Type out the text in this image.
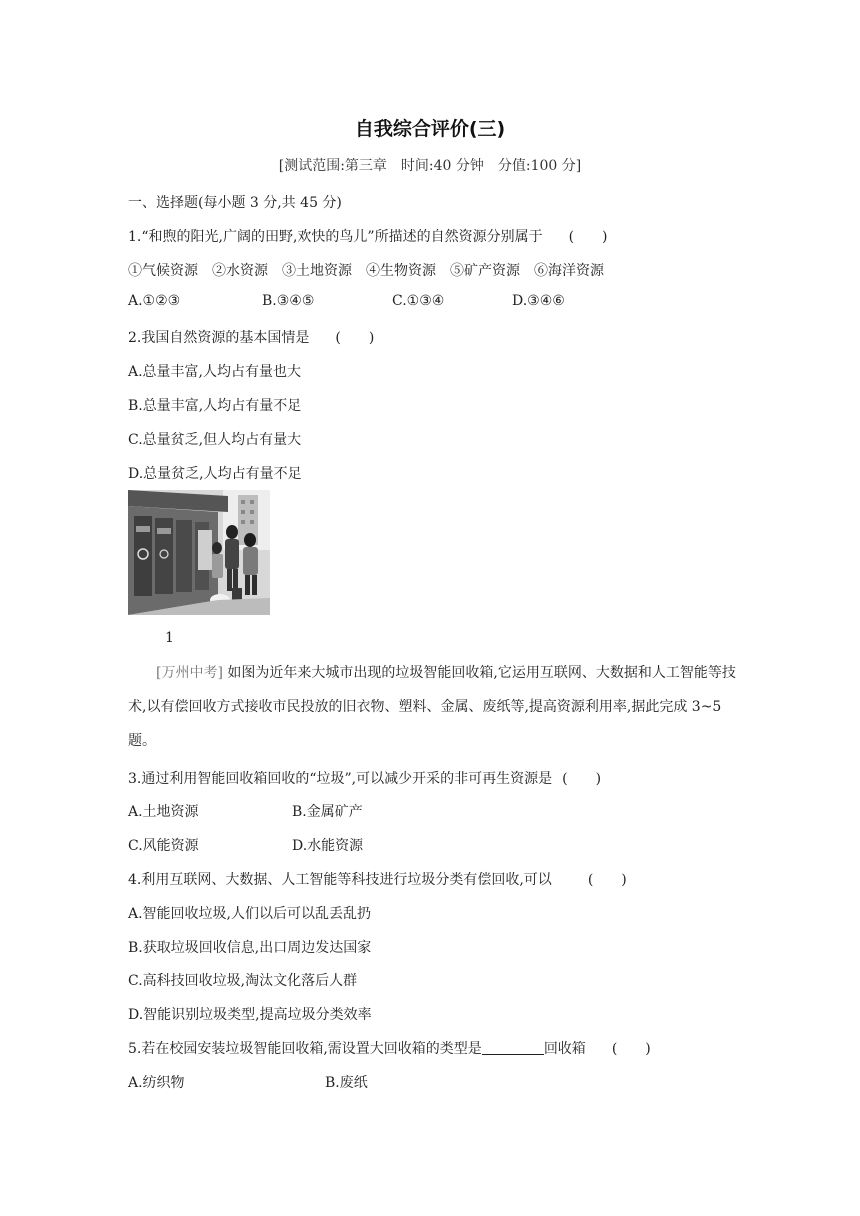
自我综合评价(三)
[测试范围:第三章　时间:40 分钟　分值:100 分]
一、选择题(每小题 3 分,共 45 分)
1.“和煦的阳光,广阔的田野,欢快的鸟儿”所描述的自然资源分别属于 (　　)
①气候资源　②水资源　③土地资源　④生物资源　⑤矿产资源　⑥海洋资源
A.①②③	B.③④⑤	C.①③④	D.③④⑥
2.我国自然资源的基本国情是 (　　)
A.总量丰富,人均占有量也大
B.总量丰富,人均占有量不足
C.总量贫乏,但人均占有量大
D.总量贫乏,人均占有量不足
1
[万州中考] 如图为近年来大城市出现的垃圾智能回收箱,它运用互联网、大数据和人工智能等技术,以有偿回收方式接收市民投放的旧衣物、塑料、金属、废纸等,提高资源利用率,据此完成 3~5 题。
3.通过利用智能回收箱回收的“垃圾”,可以减少开采的非可再生资源是 (　　)
A.土地资源	B.金属矿产
C.风能资源	D.水能资源
4.利用互联网、大数据、人工智能等科技进行垃圾分类有偿回收,可以	(　　)
A.智能回收垃圾,人们以后可以乱丢乱扔
B.获取垃圾回收信息,出口周边发达国家
C.高科技回收垃圾,淘汰文化落后人群
D.智能识别垃圾类型,提高垃圾分类效率
5.若在校园安装垃圾智能回收箱,需设置大回收箱的类型是	回收箱 (　　)
A.纺织物	B.废纸
